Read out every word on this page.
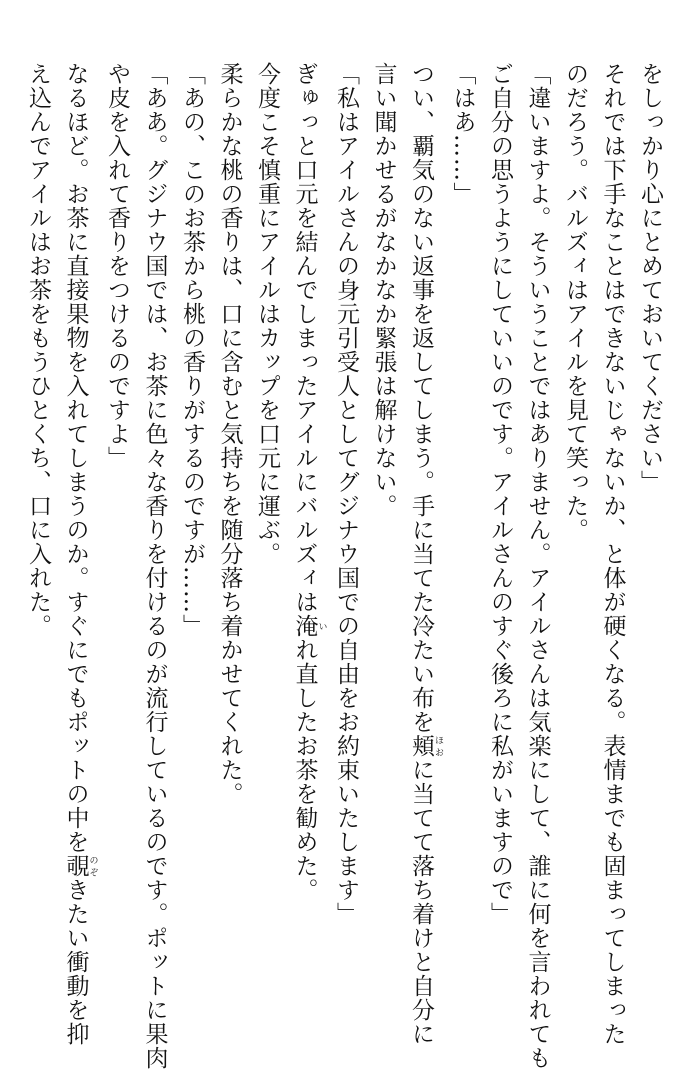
をしっかり心にとめておいてください」
それでは下手なことはできないじゃないか、と体が硬くなる。表情までも固まってしまった
のだろう。バルズィはアイルを見て笑った。
「違いますよ。そういうことではありません。アイルさんは気楽にして、誰に何を言われても
ご自分の思うようにしていいのです。アイルさんのすぐ後ろに私がいますので」
「はあ……」
つい、覇気のない返事を返してしまう。手に当てた冷たい布を頬 ほおに当てて落ち着けと自分に
言い聞かせるがなかなか緊張は解けない。
「私はアイルさんの身元引受人としてグジナウ国での自由をお約束いたします」
ぎゅっと口元を結んでしまったアイルにバルズィは淹 いれ直したお茶を勧めた。
今度こそ慎重にアイルはカップを口元に運ぶ。
柔らかな桃の香りは、口に含むと気持ちを随分落ち着かせてくれた。
「あの、このお茶から桃の香りがするのですが……」
「ああ。グジナウ国では、お茶に色々な香りを付けるのが流行しているのです。ポットに果肉
や皮を入れて香りをつけるのですよ」
なるほど。お茶に直接果物を入れてしまうのか。すぐにでもポットの中を覗 のぞきたい衝動を抑
え込んでアイルはお茶をもうひとくち、口に入れた。
